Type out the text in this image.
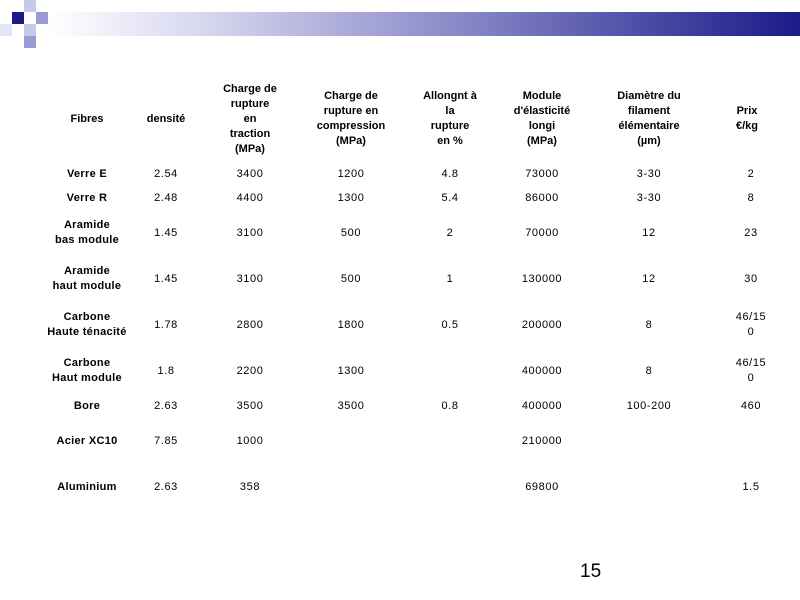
Fibres	densité	Charge de
rupture
en
traction
(MPa)	Charge de
rupture en
compression
(MPa)	Allongnt à
la
rupture
en %	Module
d'élasticité
longi
(MPa)	Diamètre du
filament
élémentaire
(µm)	Prix
€/kg
Verre E	2.54	3400	1200	4.8	73000	3-30	2
Verre R	2.48	4400	1300	5.4	86000	3-30	8
Aramide
bas module	1.45	3100	500	2	70000	12	23
Aramide
haut module	1.45	3100	500	1	130000	12	30
Carbone
Haute ténacité	1.78	2800	1800	0.5	200000	8	46/15
0
Carbone
Haut module	1.8	2200	1300		400000	8	46/15
0
Bore	2.63	3500	3500	0.8	400000	100-200	460
Acier XC10	7.85	1000			210000		
Aluminium	2.63	358			69800		1.5
15
